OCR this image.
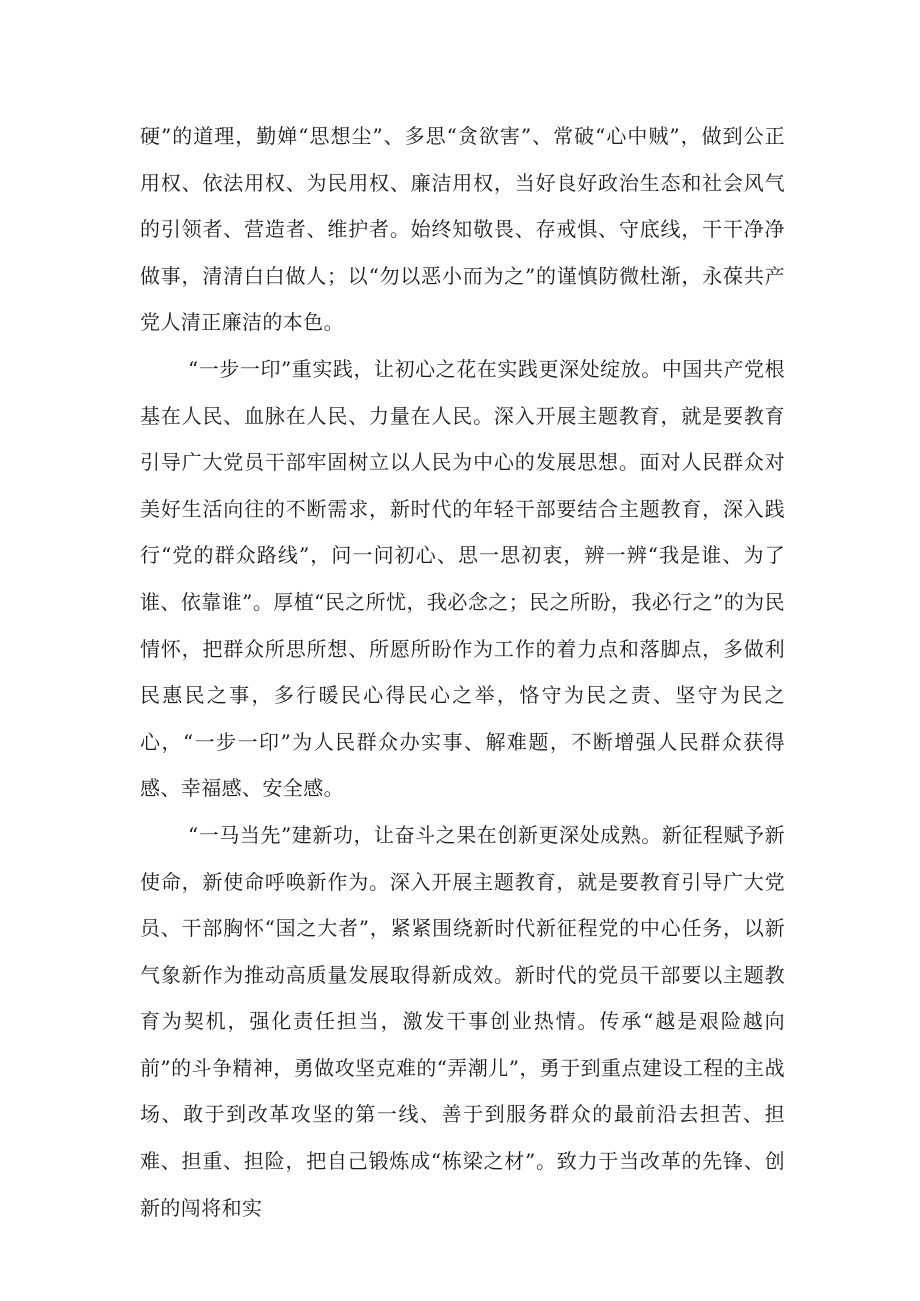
硬”的道理，勤婵“思想尘”、多思“贪欲害”、常破“心中贼”，做到公正用权、依法用权、为民用权、廉洁用权，当好良好政治生态和社会风气的引领者、营造者、维护者。始终知敬畏、存戒惧、守底线，干干净净做事，清清白白做人；以“勿以恶小而为之”的谨慎防微杜渐，永葆共产党人清正廉洁的本色。

“一步一印”重实践，让初心之花在实践更深处绽放。中国共产党根基在人民、血脉在人民、力量在人民。深入开展主题教育，就是要教育引导广大党员干部牢固树立以人民为中心的发展思想。面对人民群众对美好生活向往的不断需求，新时代的年轻干部要结合主题教育，深入践行“党的群众路线”，问一问初心、思一思初衷，辨一辨“我是谁、为了谁、依靠谁”。厚植“民之所忧，我必念之；民之所盼，我必行之”的为民情怀，把群众所思所想、所愿所盼作为工作的着力点和落脚点，多做利民惠民之事，多行暖民心得民心之举，恪守为民之责、坚守为民之心，“一步一印”为人民群众办实事、解难题，不断增强人民群众获得感、幸福感、安全感。

“一马当先”建新功，让奋斗之果在创新更深处成熟。新征程赋予新使命，新使命呼唤新作为。深入开展主题教育，就是要教育引导广大党员、干部胸怀“国之大者”，紧紧围绕新时代新征程党的中心任务，以新气象新作为推动高质量发展取得新成效。新时代的党员干部要以主题教育为契机，强化责任担当，激发干事创业热情。传承“越是艰险越向前”的斗争精神，勇做攻坚克难的“弄潮儿”，勇于到重点建设工程的主战场、敢于到改革攻坚的第一线、善于到服务群众的最前沿去担苦、担难、担重、担险，把自己锻炼成“栋梁之材”。致力于当改革的先锋、创新的闯将和实
